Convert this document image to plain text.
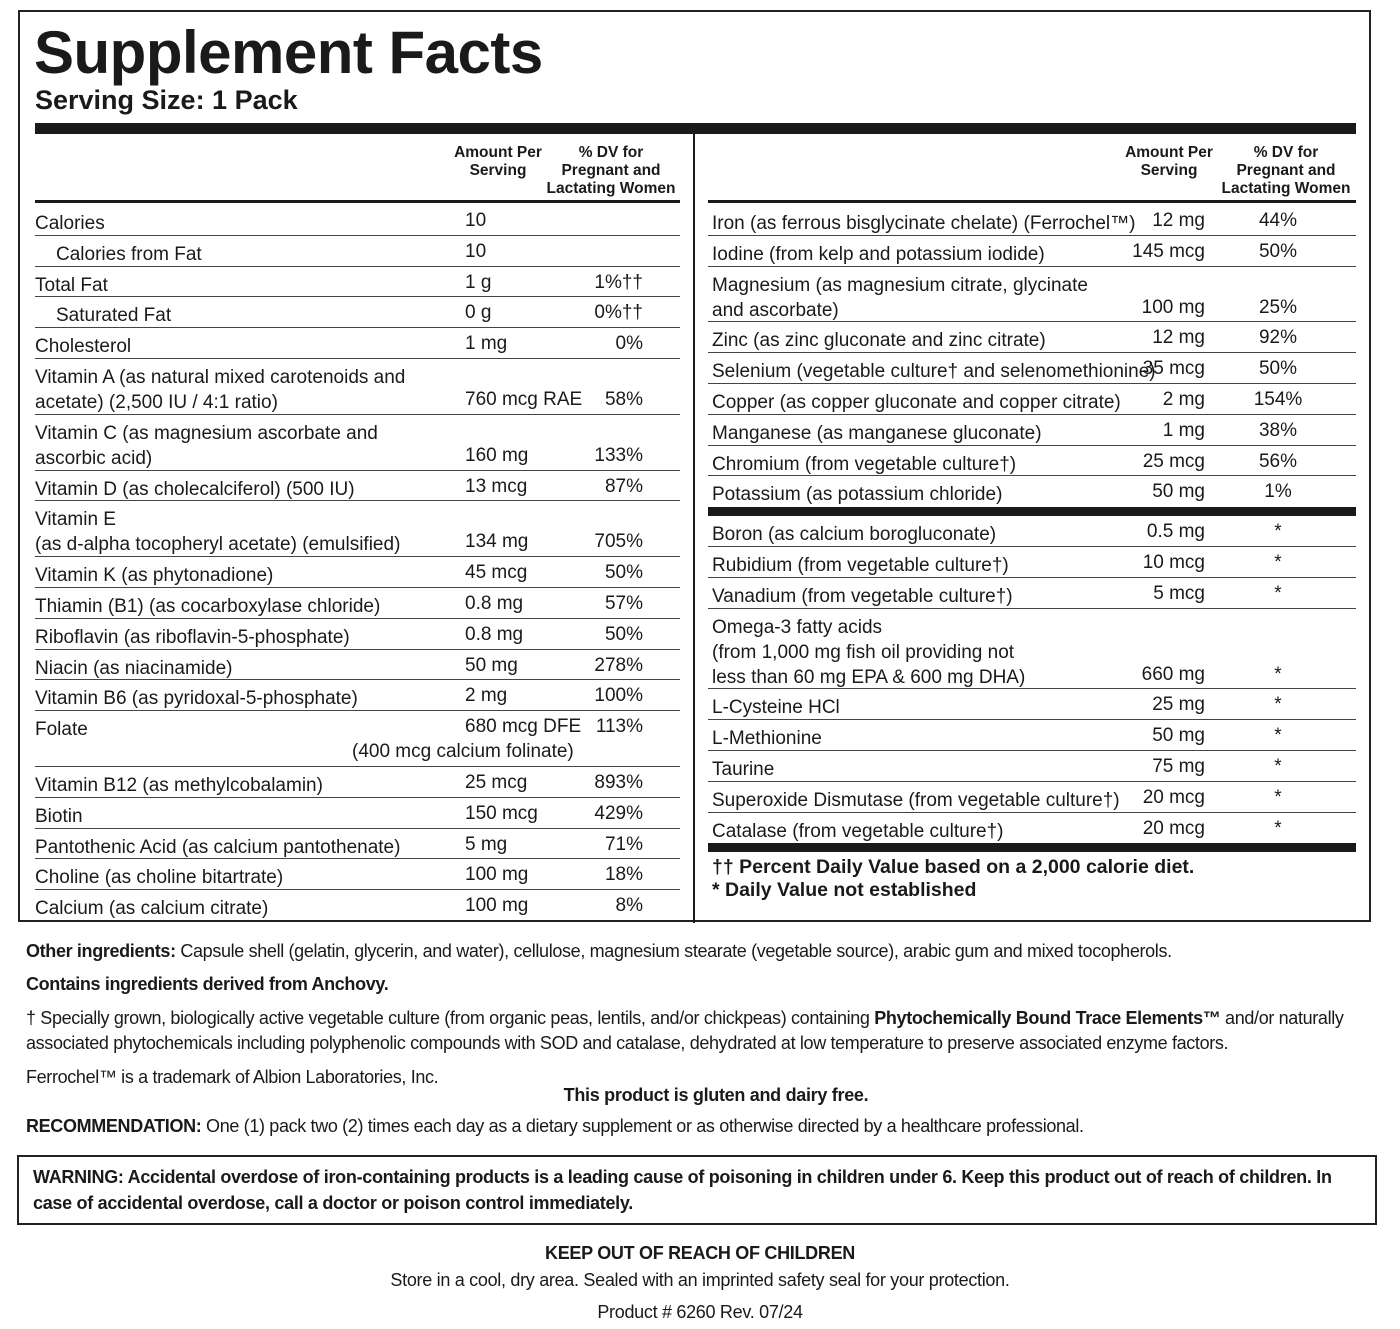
Supplement Facts
Serving Size: 1 Pack
Amount Per
Serving
% DV for
Pregnant and
Lactating Women
Calories	10
Calories from Fat	10
Total Fat	1 g	1%††
Saturated Fat	0 g	0%††
Cholesterol	1 mg	0%
Vitamin A (as natural mixed carotenoids and
acetate) (2,500 IU / 4:1 ratio)	760 mcg RAE 58%
Vitamin C (as magnesium ascorbate and
ascorbic acid)	160 mg	133%
Vitamin D (as cholecalciferol) (500 IU)	13 mcg	87%
Vitamin E
(as d-alpha tocopheryl acetate) (emulsified)	134 mg	705%
Vitamin K (as phytonadione)	45 mcg	50%
Thiamin (B1) (as cocarboxylase chloride)	0.8 mg	57%
Riboflavin (as riboflavin-5-phosphate)	0.8 mg	50%
Niacin (as niacinamide)	50 mg	278%
Vitamin B6 (as pyridoxal-5-phosphate)	2 mg	100%
Folate	680 mcg DFE 113%
(400 mcg calcium folinate)
Vitamin B12 (as methylcobalamin)	25 mcg	893%
Biotin	150 mcg	429%
Pantothenic Acid (as calcium pantothenate)	5 mg	71%
Choline (as choline bitartrate)	100 mg	18%
Calcium (as calcium citrate)	100 mg	8%
Amount Per
Serving
% DV for
Pregnant and
Lactating Women
Iron (as ferrous bisglycinate chelate) (Ferrochel™) 12 mg	44%
Iodine (from kelp and potassium iodide)	145 mcg	50%
Magnesium (as magnesium citrate, glycinate
and ascorbate)	100 mg	25%
Zinc (as zinc gluconate and zinc citrate)	12 mg	92%
Selenium (vegetable culture† and selenomethionine)
35 mcg	50%
Copper (as copper gluconate and copper citrate) 2 mg	154%
Manganese (as manganese gluconate)	1 mg	38%
Chromium (from vegetable culture†)	25 mcg	56%
Potassium (as potassium chloride)	50 mg	1%
Boron (as calcium borogluconate)	0.5 mg	*
Rubidium (from vegetable culture†)	10 mcg	*
Vanadium (from vegetable culture†)	5 mcg	*
Omega-3 fatty acids
(from 1,000 mg fish oil providing not
less than 60 mg EPA & 600 mg DHA)	660 mg	*
L-Cysteine HCl	25 mg	*
L-Methionine	50 mg	*
Taurine	75 mg	*
Superoxide Dismutase (from vegetable culture†) 20 mcg	*
Catalase (from vegetable culture†)	20 mcg	*
†† Percent Daily Value based on a 2,000 calorie diet.
* Daily Value not established
Other ingredients: Capsule shell (gelatin, glycerin, and water), cellulose, magnesium stearate (vegetable source), arabic gum and mixed tocopherols.
Contains ingredients derived from Anchovy.
† Specially grown, biologically active vegetable culture (from organic peas, lentils, and/or chickpeas) containing Phytochemically Bound Trace Elements™ and/or naturally associated phytochemicals including polyphenolic compounds with SOD and catalase, dehydrated at low temperature to preserve associated enzyme factors.
Ferrochel™ is a trademark of Albion Laboratories, Inc.
This product is gluten and dairy free.
RECOMMENDATION: One (1) pack two (2) times each day as a dietary supplement or as otherwise directed by a healthcare professional.
WARNING: Accidental overdose of iron-containing products is a leading cause of poisoning in children under 6. Keep this product out of reach of children. In case of accidental overdose, call a doctor or poison control immediately.
KEEP OUT OF REACH OF CHILDREN
Store in a cool, dry area. Sealed with an imprinted safety seal for your protection.
Product # 6260 Rev. 07/24
